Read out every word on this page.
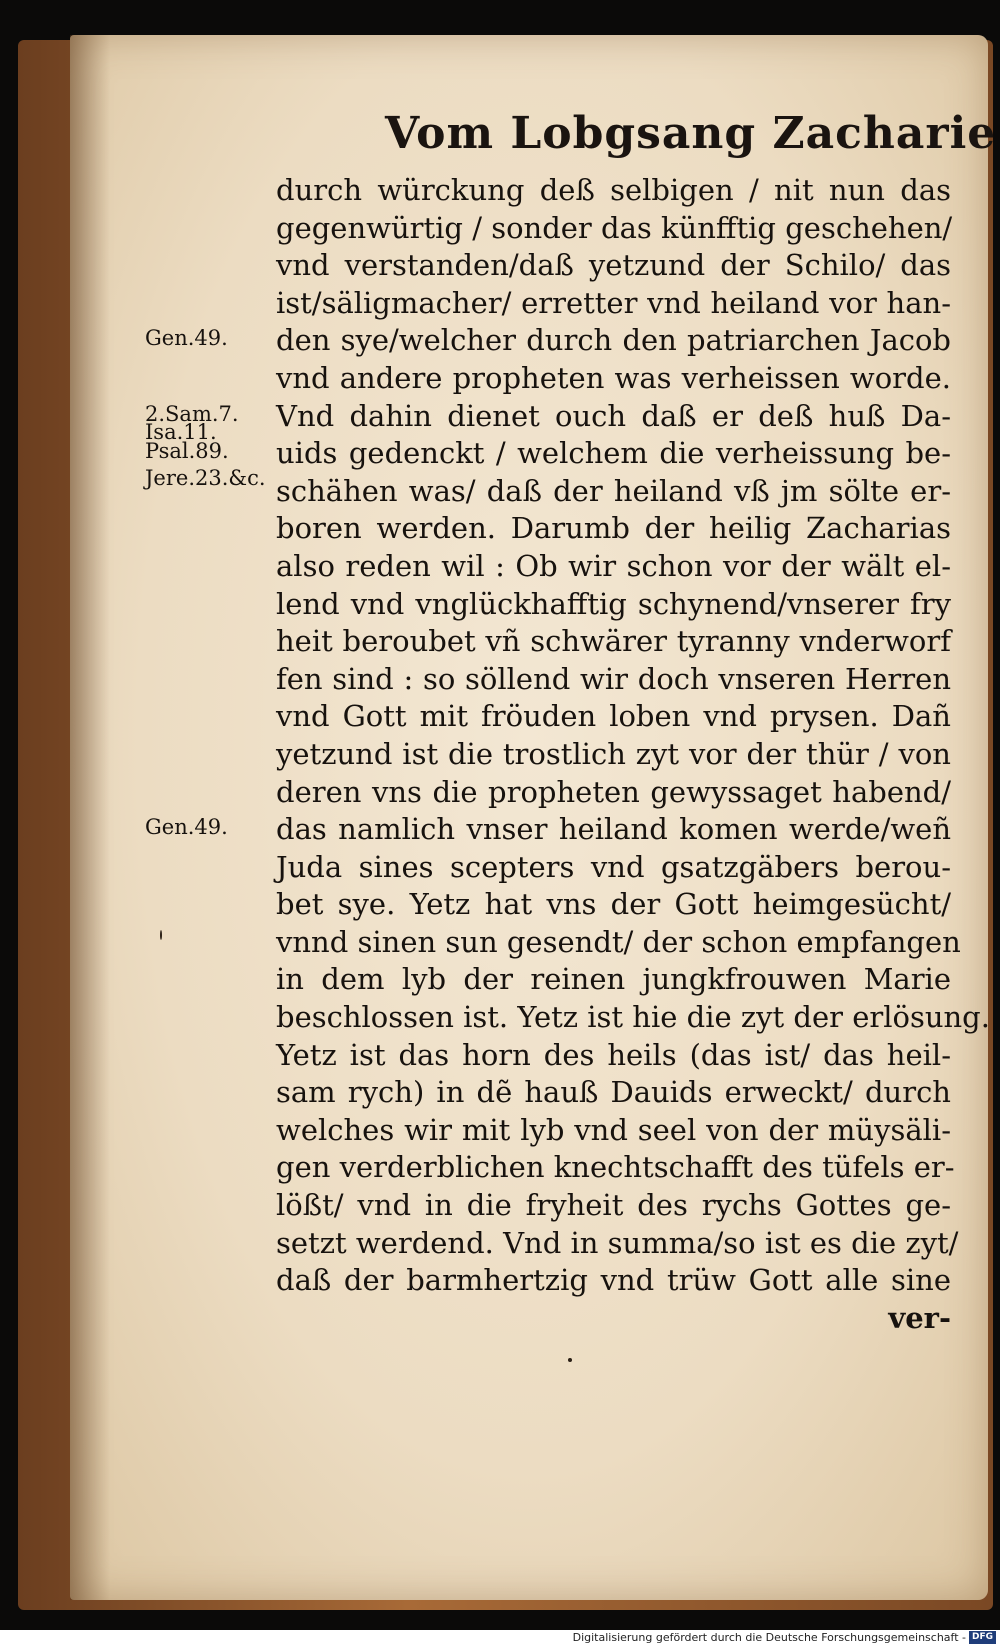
Vom Lobgsang Zacharie
durch würckung deß selbigen / nit nun das
gegenwürtig / sonder das künfftig geschehen/
vnd verstanden/daß yetzund der Schilo/ das
ist/säligmacher/ erretter vnd heiland vor han-
den sye/welcher durch den patriarchen Jacob
vnd andere propheten was verheissen worde.
Vnd dahin dienet ouch daß er deß huß Da-
uids gedenckt / welchem die verheissung be-
schähen was/ daß der heiland vß jm sölte er-
boren werden. Darumb der heilig Zacharias
also reden wil : Ob wir schon vor der wält el-
lend vnd vnglückhafftig schynend/vnserer fry
heit beroubet vñ schwärer tyranny vnderworf
fen sind : so söllend wir doch vnseren Herren
vnd Gott mit fröuden loben vnd prysen. Dañ
yetzund ist die trostlich zyt vor der thür / von
deren vns die propheten gewyssaget habend/
das namlich vnser heiland komen werde/weñ
Juda sines scepters vnd gsatzgäbers berou-
bet sye. Yetz hat vns der Gott heimgesücht/
vnnd sinen sun gesendt/ der schon empfangen
in dem lyb der reinen jungkfrouwen Marie
beschlossen ist. Yetz ist hie die zyt der erlösung.
Yetz ist das horn des heils (das ist/ das heil-
sam rych) in dẽ hauß Dauids erweckt/ durch
welches wir mit lyb vnd seel von der müysäli-
gen verderblichen knechtschafft des tüfels er-
lößt/ vnd in die fryheit des rychs Gottes ge-
setzt werdend. Vnd in summa/so ist es die zyt/
daß der barmhertzig vnd trüw Gott alle sine
ver-
Gen.49.
2.Sam.7.
Isa.11.
Psal.89.
Jere.23.&c.
Gen.49.
Digitalisierung gefördert durch die Deutsche Forschungsgemeinschaft - DFG
